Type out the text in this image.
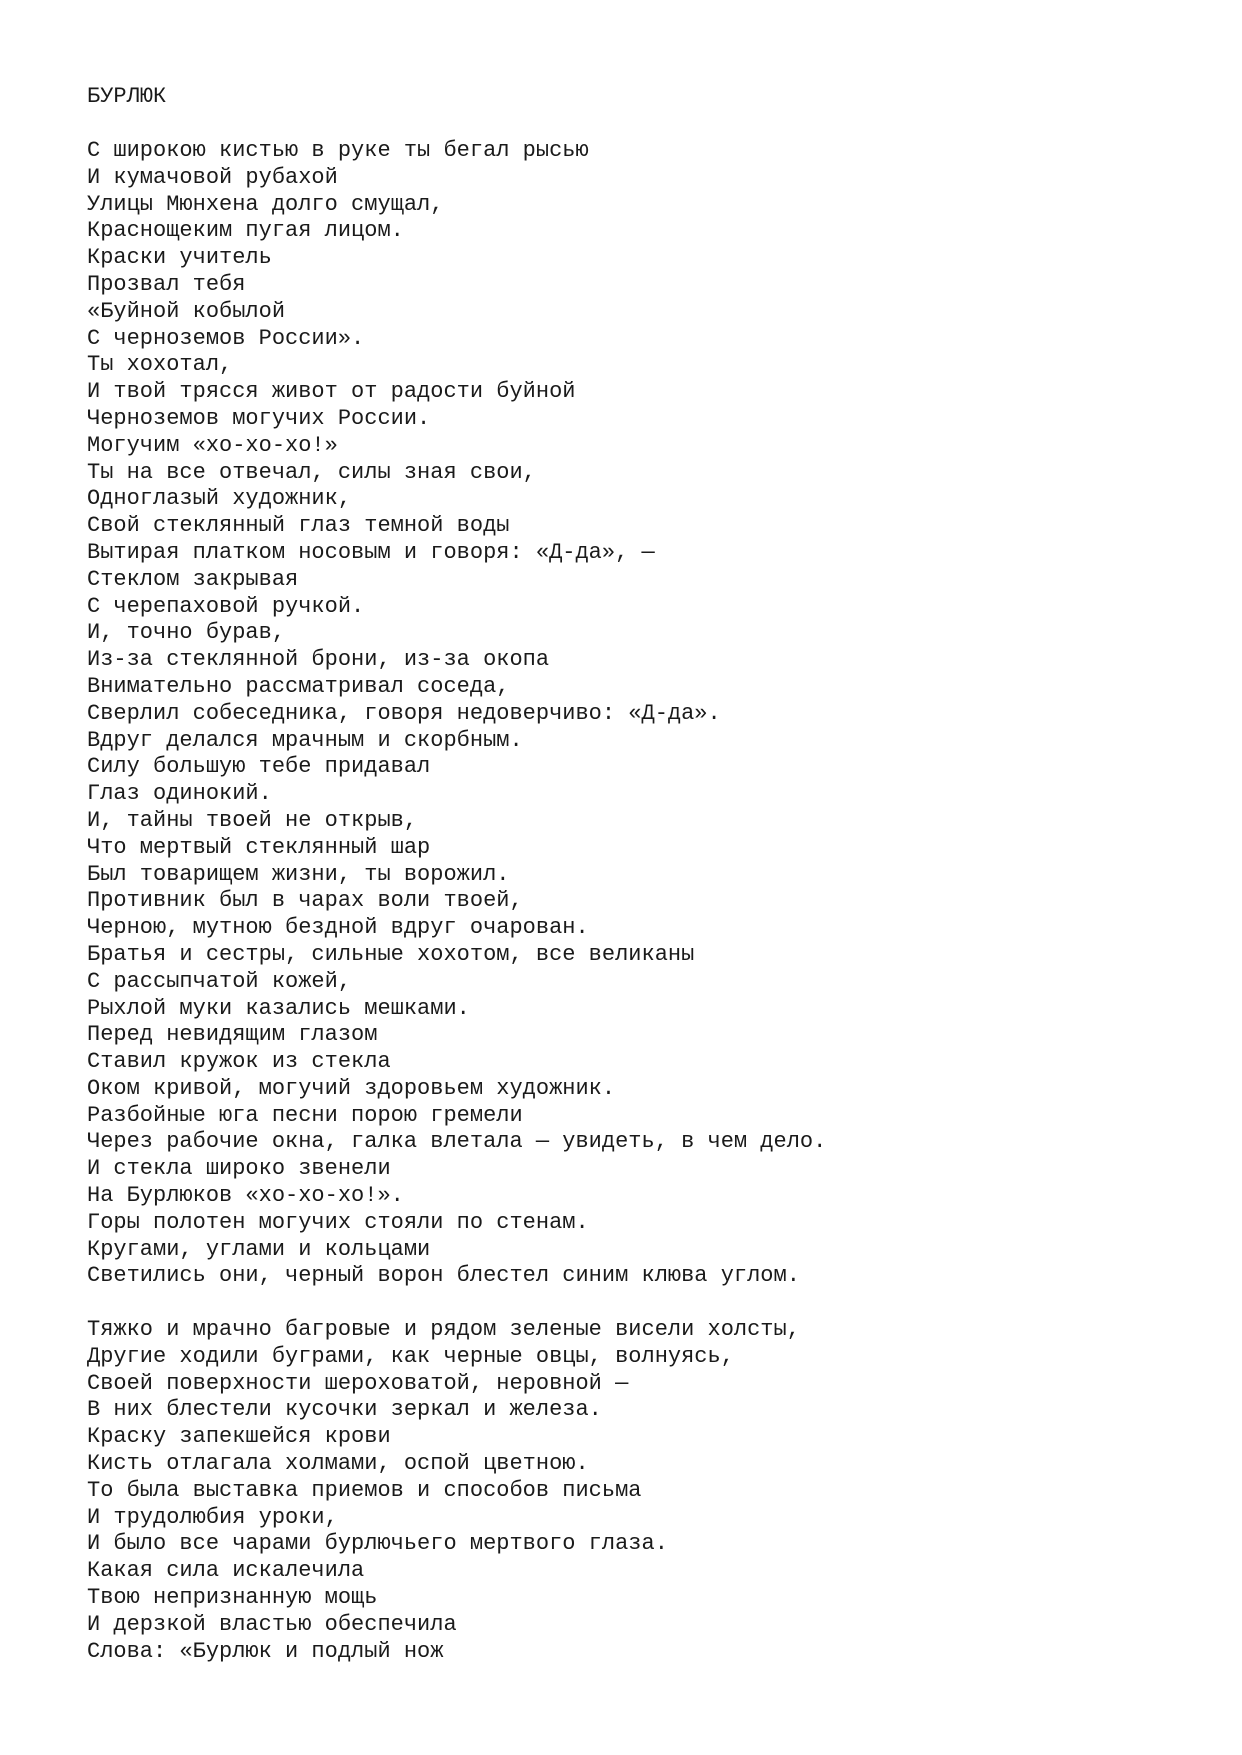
БУРЛЮК
С широкою кистью в руке ты бегал рысью
И кумачовой рубахой
Улицы Мюнхена долго смущал,
Краснощеким пугая лицом.
Краски учитель
Прозвал тебя
«Буйной кобылой
С черноземов России».
Ты хохотал,
И твой трясся живот от радости буйной
Черноземов могучих России.
Могучим «хо-хо-хо!»
Ты на все отвечал, силы зная свои,
Одноглазый художник,
Свой стеклянный глаз темной воды
Вытирая платком носовым и говоря: «Д-да», —
Стеклом закрывая
С черепаховой ручкой.
И, точно бурав,
Из-за стеклянной брони, из-за окопа
Внимательно рассматривал соседа,
Сверлил собеседника, говоря недоверчиво: «Д-да».
Вдруг делался мрачным и скорбным.
Силу большую тебе придавал
Глаз одинокий.
И, тайны твоей не открыв,
Что мертвый стеклянный шар
Был товарищем жизни, ты ворожил.
Противник был в чарах воли твоей,
Черною, мутною бездной вдруг очарован.
Братья и сестры, сильные хохотом, все великаны
С рассыпчатой кожей,
Рыхлой муки казались мешками.
Перед невидящим глазом
Ставил кружок из стекла
Оком кривой, могучий здоровьем художник.
Разбойные юга песни порою гремели
Через рабочие окна, галка влетала — увидеть, в чем дело.
И стекла широко звенели
На Бурлюков «хо-хо-хо!».
Горы полотен могучих стояли по стенам.
Кругами, углами и кольцами
Светились они, черный ворон блестел синим клюва углом.
Тяжко и мрачно багровые и рядом зеленые висели холсты,
Другие ходили буграми, как черные овцы, волнуясь,
Своей поверхности шероховатой, неровной —
В них блестели кусочки зеркал и железа.
Краску запекшейся крови
Кисть отлагала холмами, оспой цветною.
То была выставка приемов и способов письма
И трудолюбия уроки,
И было все чарами бурлючьего мертвого глаза.
Какая сила искалечила
Твою непризнанную мощь
И дерзкой властью обеспечила
Слова: «Бурлюк и подлый нож
